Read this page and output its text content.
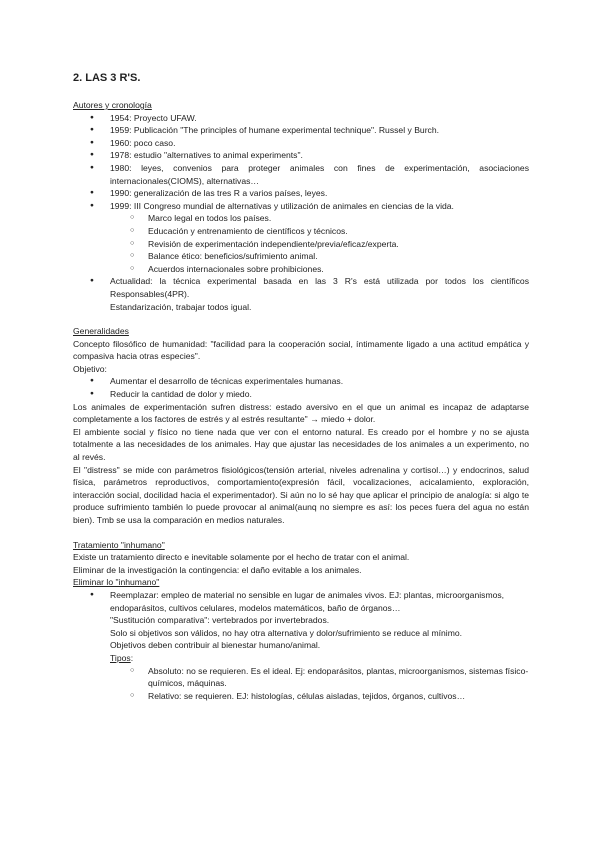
2. LAS 3 R'S.

Autores y cronología

● 1954: Proyecto UFAW.
● 1959: Publicación "The principles of humane experimental technique". Russel y Burch.
● 1960: poco caso.
● 1978: estudio "alternatives to animal experiments".
● 1980: leyes, convenios para proteger animales con fines de experimentación, asociaciones internacionales(CIOMS), alternativas…
● 1990: generalización de las tres R a varios países, leyes.
● 1999: III Congreso mundial de alternativas y utilización de animales en ciencias de la vida.
○ Marco legal en todos los países.
○ Educación y entrenamiento de científicos y técnicos.
○ Revisión de experimentación independiente/previa/eficaz/experta.
○ Balance ético: beneficios/sufrimiento animal.
○ Acuerdos internacionales sobre prohibiciones.
● Actualidad: la técnica experimental basada en las 3 R's está utilizada por todos los científicos Responsables(4PR).
Estandarización, trabajar todos igual.

Generalidades

Concepto filosófico de humanidad: "facilidad para la cooperación social, íntimamente ligado a una actitud empática y compasiva hacia otras especies".

Objetivo:

● Aumentar el desarrollo de técnicas experimentales humanas.
● Reducir la cantidad de dolor y miedo.

Los animales de experimentación sufren distress: estado aversivo en el que un animal es incapaz de adaptarse completamente a los factores de estrés y al estrés resultante" → miedo + dolor.

El ambiente social y físico no tiene nada que ver con el entorno natural. Es creado por el hombre y no se ajusta totalmente a las necesidades de los animales. Hay que ajustar las necesidades de los animales a un experimento, no al revés.

El "distress" se mide con parámetros fisiológicos(tensión arterial, niveles adrenalina y cortisol…) y endocrinos, salud física, parámetros reproductivos, comportamiento(expresión fácil, vocalizaciones, acicalamiento, exploración, interacción social, docilidad hacia el experimentador). Si aún no lo sé hay que aplicar el principio de analogía: si algo te produce sufrimiento también lo puede provocar al animal(aunq no siempre es así: los peces fuera del agua no están bien). Tmb se usa la comparación en medios naturales.

Tratamiento "inhumano"

Existe un tratamiento directo e inevitable solamente por el hecho de tratar con el animal.

Eliminar de la investigación la contingencia: el daño evitable a los animales.

Eliminar lo "inhumano"

● Reemplazar: empleo de material no sensible en lugar de animales vivos. EJ: plantas, microorganismos, endoparásitos, cultivos celulares, modelos matemáticos, baño de órganos…
"Sustitución comparativa": vertebrados por invertebrados.
Solo si objetivos son válidos, no hay otra alternativa y dolor/sufrimiento se reduce al mínimo.
Objetivos deben contribuir al bienestar humano/animal.
Tipos:
○ Absoluto: no se requieren. Es el ideal. Ej: endoparásitos, plantas, microorganismos, sistemas físico-químicos, máquinas.
○ Relativo: se requieren. EJ: histologías, células aisladas, tejidos, órganos, cultivos…
